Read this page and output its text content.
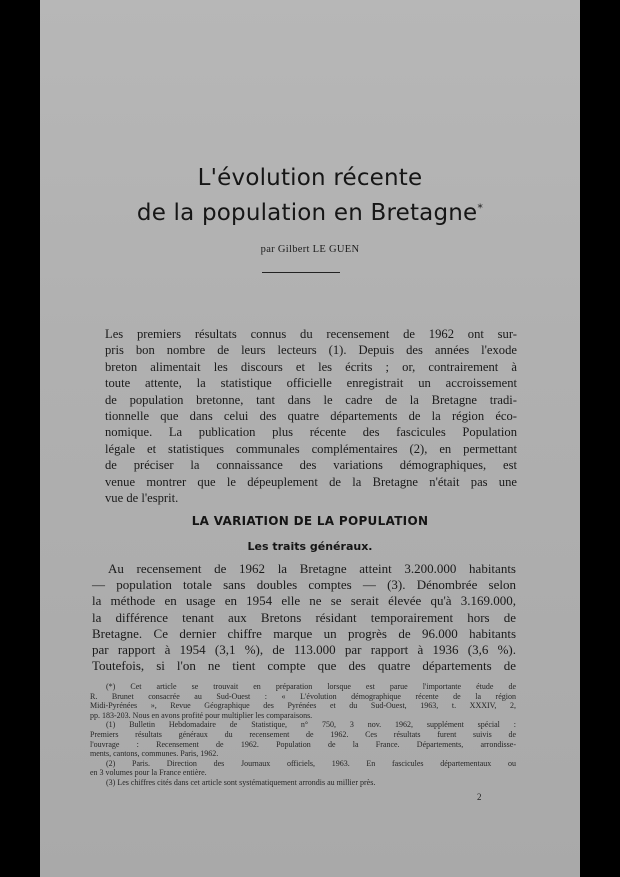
L'évolution récente
de la population en Bretagne*
par Gilbert LE GUEN
Les premiers résultats connus du recensement de 1962 ont sur-
pris bon nombre de leurs lecteurs (1). Depuis des années l'exode
breton alimentait les discours et les écrits ; or, contrairement à
toute attente, la statistique officielle enregistrait un accroissement
de population bretonne, tant dans le cadre de la Bretagne tradi-
tionnelle que dans celui des quatre départements de la région éco-
nomique. La publication plus récente des fascicules Population
légale et statistiques communales complémentaires (2), en permettant
de préciser la connaissance des variations démographiques, est
venue montrer que le dépeuplement de la Bretagne n'était pas une
vue de l'esprit.
LA VARIATION DE LA POPULATION
Les traits généraux.
Au recensement de 1962 la Bretagne atteint 3.200.000 habitants
— population totale sans doubles comptes — (3). Dénombrée selon
la méthode en usage en 1954 elle ne se serait élevée qu'à 3.169.000,
la différence tenant aux Bretons résidant temporairement hors de
Bretagne. Ce dernier chiffre marque un progrès de 96.000 habitants
par rapport à 1954 (3,1 %), de 113.000 par rapport à 1936 (3,6 %).
Toutefois, si l'on ne tient compte que des quatre départements de
(*) Cet article se trouvait en préparation lorsque est parue l'importante étude de
R. Brunet consacrée au Sud-Ouest : « L'évolution démographique récente de la région
Midi-Pyrénées », Revue Géographique des Pyrénées et du Sud-Ouest, 1963, t. XXXIV, 2,
pp. 183-203. Nous en avons profité pour multiplier les comparaisons.
(1) Bulletin Hebdomadaire de Statistique, n° 750, 3 nov. 1962, supplément spécial :
Premiers résultats généraux du recensement de 1962. Ces résultats furent suivis de
l'ouvrage : Recensement de 1962. Population de la France. Départements, arrondisse-
ments, cantons, communes. Paris, 1962.
(2) Paris. Direction des Journaux officiels, 1963. En fascicules départementaux ou
en 3 volumes pour la France entière.
(3) Les chiffres cités dans cet article sont systématiquement arrondis au millier près.
2
